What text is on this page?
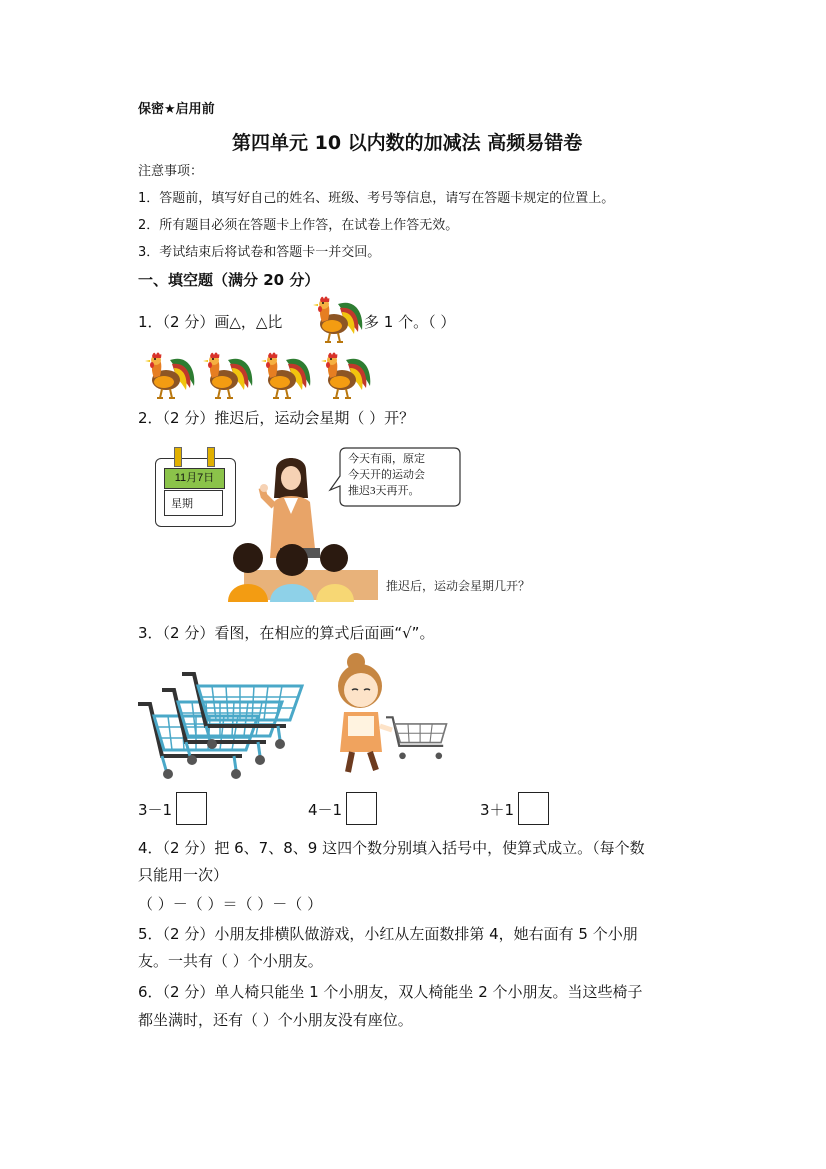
保密★启用前
第四单元 10 以内数的加减法 高频易错卷
注意事项：
1．答题前，填写好自己的姓名、班级、考号等信息，请写在答题卡规定的位置上。
2．所有题目必须在答题卡上作答，在试卷上作答无效。
3．考试结束后将试卷和答题卡一并交回。
一、填空题（满分 20 分）
1．（2 分）画△，△比	多 1 个。（ ）
2．（2 分）推迟后，运动会星期（ ）开？
11月7日
星期
今天有雨，原定
今天开的运动会
推迟3天再开。
推迟后，运动会星期几开？
3．（2 分）看图，在相应的算式后面画“√”。
3－1	4－1	3＋1
4．（2 分）把 6、7、8、9 这四个数分别填入括号中，使算式成立。（每个数
只能用一次）
（ ）－（ ）＝（ ）－（ ）
5．（2 分）小朋友排横队做游戏，小红从左面数排第 4，她右面有 5 个小朋
友。一共有（ ）个小朋友。
6．（2 分）单人椅只能坐 1 个小朋友，双人椅能坐 2 个小朋友。当这些椅子
都坐满时，还有（ ）个小朋友没有座位。
